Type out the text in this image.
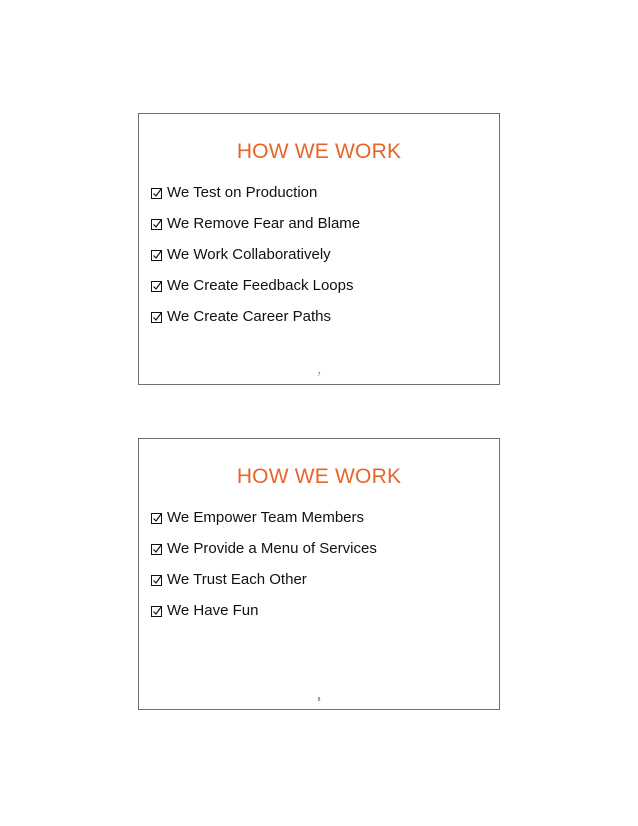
HOW WE WORK
We Test on Production
We Remove Fear and Blame
We Work Collaboratively
We Create Feedback Loops
We Create Career Paths
7
HOW WE WORK
We Empower Team Members
We Provide a Menu of Services
We Trust Each Other
We Have Fun
8
